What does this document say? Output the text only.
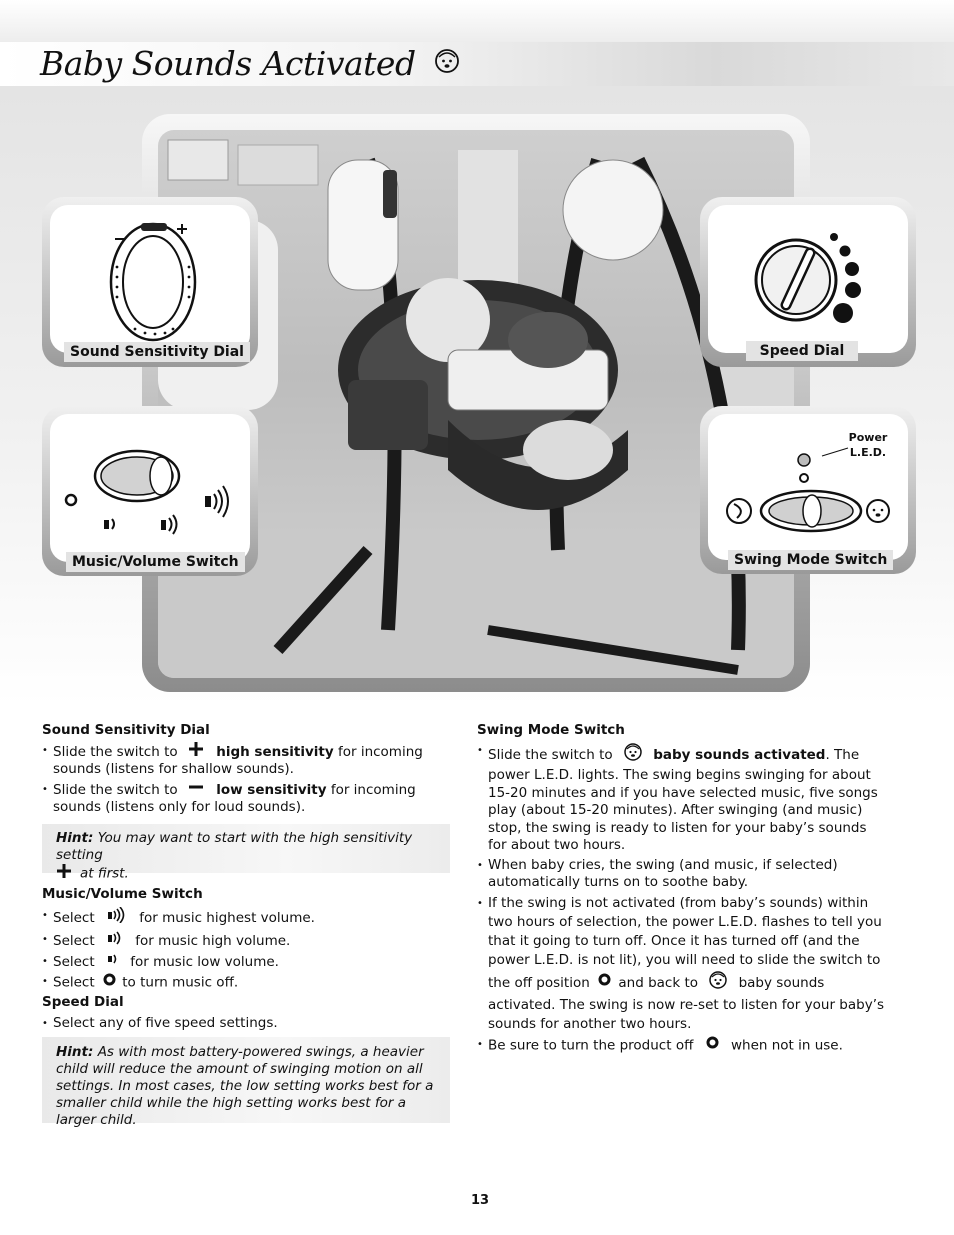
Baby Sounds Activated
Sound Sensitivity Dial	Speed Dial
Music/Volume Switch
Power L.E.D.
Swing Mode Switch

Sound Sensitivity Dial

• Slide the switch to	high sensitivity for incoming sounds (listens for shallow sounds).
• Slide the switch to	low sensitivity for incoming sounds (listens only for loud sounds).
Hint: You may want to start with the high sensitivity setting
at first.

Music/Volume Switch

• Select	for music highest volume.
• Select	for music high volume.
• Select	for music low volume.
• Select to turn music off.

Speed Dial

• Select any of five speed settings.
Hint: As with most battery-powered swings, a heavier child will reduce the amount of swinging motion on all settings. In most cases, the low setting works best for a smaller child while the high setting works best for a larger child.

Swing Mode Switch

• Slide the switch to	baby sounds activated. The power L.E.D. lights. The swing begins swinging for about 15-20 minutes and if you have selected music, five songs play (about 15-20 minutes). After swinging (and music) stop, the swing is ready to listen for your baby’s sounds for about two hours.
• When baby cries, the swing (and music, if selected) automatically turns on to soothe baby.
• If the swing is not activated (from baby’s sounds) within two hours of selection, the power L.E.D. flashes to tell you that it going to turn off. Once it has turned off (and the power L.E.D. is not lit), you will need to slide the switch to the off position and back to	baby sounds activated. The swing is now re-set to listen for your baby’s sounds for another two hours.
• Be sure to turn the product off	when not in use.
13
